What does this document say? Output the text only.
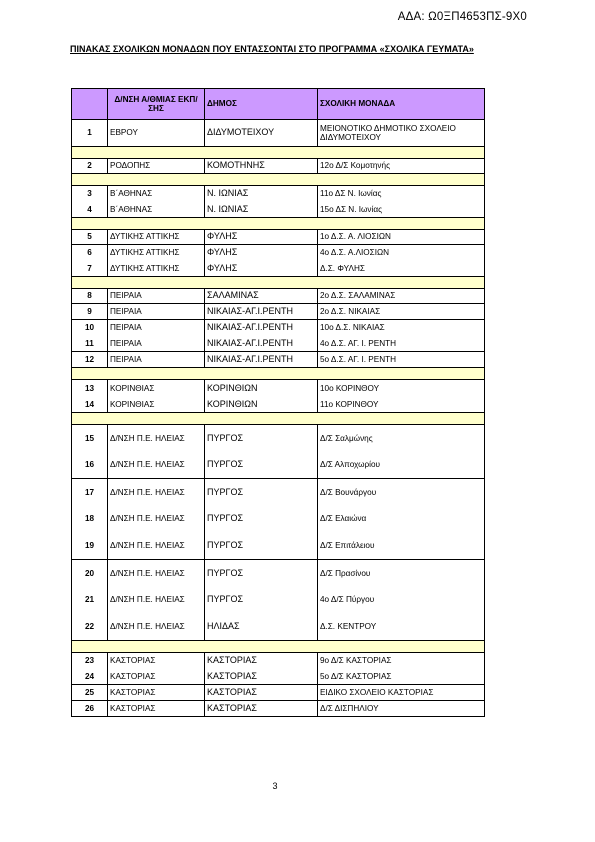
ΑΔΑ: Ω0ΞΠ4653ΠΣ-9Χ0
ΠΙΝΑΚΑΣ ΣΧΟΛΙΚΩΝ ΜΟΝΑΔΩΝ ΠΟΥ ΕΝΤΑΣΣΟΝΤΑΙ ΣΤΟ ΠΡΟΓΡΑΜΜΑ «ΣΧΟΛΙΚΑ ΓΕΥΜΑΤΑ»
	Δ/ΝΣΗ Α/ΘΜΙΑΣ ΕΚΠ/ΣΗΣ	ΔΗΜΟΣ	ΣΧΟΛΙΚΗ ΜΟΝΑΔΑ
1	ΕΒΡΟΥ	ΔΙΔΥΜΟΤΕΙΧΟΥ	ΜΕΙΟΝΟΤΙΚΟ ΔΗΜΟΤΙΚΟ ΣΧΟΛΕΙΟ ΔΙΔΥΜΟΤΕΙΧΟΥ

2	ΡΟΔΟΠΗΣ	ΚΟΜΟΤΗΝΗΣ	12ο Δ/Σ Κομοτηνής

3	Β΄ΑΘΗΝΑΣ	Ν. ΙΩΝΙΑΣ	11ο ΔΣ Ν. Ιωνίας
4	Β΄ΑΘΗΝΑΣ	Ν. ΙΩΝΙΑΣ	15ο ΔΣ Ν. Ιωνίας

5	ΔΥΤΙΚΗΣ ΑΤΤΙΚΗΣ	ΦΥΛΗΣ	1ο Δ.Σ. Α. ΛΙΟΣΙΩΝ
6	ΔΥΤΙΚΗΣ ΑΤΤΙΚΗΣ	ΦΥΛΗΣ	4ο Δ.Σ. Α.ΛΙΟΣΙΩΝ
7	ΔΥΤΙΚΗΣ ΑΤΤΙΚΗΣ	ΦΥΛΗΣ	Δ.Σ. ΦΥΛΗΣ

8	ΠΕΙΡΑΙΑ	ΣΑΛΑΜΙΝΑΣ	2ο Δ.Σ. ΣΑΛΑΜΙΝΑΣ
9	ΠΕΙΡΑΙΑ	ΝΙΚΑΙΑΣ-ΑΓ.Ι.ΡΕΝΤΗ	2ο Δ.Σ. ΝΙΚΑΙΑΣ
10	ΠΕΙΡΑΙΑ	ΝΙΚΑΙΑΣ-ΑΓ.Ι.ΡΕΝΤΗ	10ο Δ.Σ. ΝΙΚΑΙΑΣ
11	ΠΕΙΡΑΙΑ	ΝΙΚΑΙΑΣ-ΑΓ.Ι.ΡΕΝΤΗ	4ο Δ.Σ. ΑΓ. Ι. ΡΕΝΤΗ
12	ΠΕΙΡΑΙΑ	ΝΙΚΑΙΑΣ-ΑΓ.Ι.ΡΕΝΤΗ	5ο Δ.Σ. ΑΓ. Ι. ΡΕΝΤΗ

13	ΚΟΡΙΝΘΙΑΣ	ΚΟΡΙΝΘΙΩΝ	10ο ΚΟΡΙΝΘΟΥ
14	ΚΟΡΙΝΘΙΑΣ	ΚΟΡΙΝΘΙΩΝ	11ο ΚΟΡΙΝΘΟΥ

15	Δ/ΝΣΗ Π.Ε. ΗΛΕΙΑΣ	ΠΥΡΓΟΣ	Δ/Σ Σαλμώνης
16	Δ/ΝΣΗ Π.Ε. ΗΛΕΙΑΣ	ΠΥΡΓΟΣ	Δ/Σ Αλποχωρίου
17	Δ/ΝΣΗ Π.Ε. ΗΛΕΙΑΣ	ΠΥΡΓΟΣ	Δ/Σ Βουνάργου
18	Δ/ΝΣΗ Π.Ε. ΗΛΕΙΑΣ	ΠΥΡΓΟΣ	Δ/Σ Ελαιώνα
19	Δ/ΝΣΗ Π.Ε. ΗΛΕΙΑΣ	ΠΥΡΓΟΣ	Δ/Σ Επιτάλειου
20	Δ/ΝΣΗ Π.Ε. ΗΛΕΙΑΣ	ΠΥΡΓΟΣ	Δ/Σ Πρασίνου
21	Δ/ΝΣΗ Π.Ε. ΗΛΕΙΑΣ	ΠΥΡΓΟΣ	4ο Δ/Σ Πύργου
22	Δ/ΝΣΗ Π.Ε. ΗΛΕΙΑΣ	ΗΛΙΔΑΣ	Δ.Σ. ΚΕΝΤΡΟΥ

23	ΚΑΣΤΟΡΙΑΣ	ΚΑΣΤΟΡΙΑΣ	9ο Δ/Σ ΚΑΣΤΟΡΙΑΣ
24	ΚΑΣΤΟΡΙΑΣ	ΚΑΣΤΟΡΙΑΣ	5ο Δ/Σ ΚΑΣΤΟΡΙΑΣ
25	ΚΑΣΤΟΡΙΑΣ	ΚΑΣΤΟΡΙΑΣ	ΕΙΔΙΚΟ ΣΧΟΛΕΙΟ ΚΑΣΤΟΡΙΑΣ
26	ΚΑΣΤΟΡΙΑΣ	ΚΑΣΤΟΡΙΑΣ	Δ/Σ ΔΙΣΠΗΛΙΟΥ
3
